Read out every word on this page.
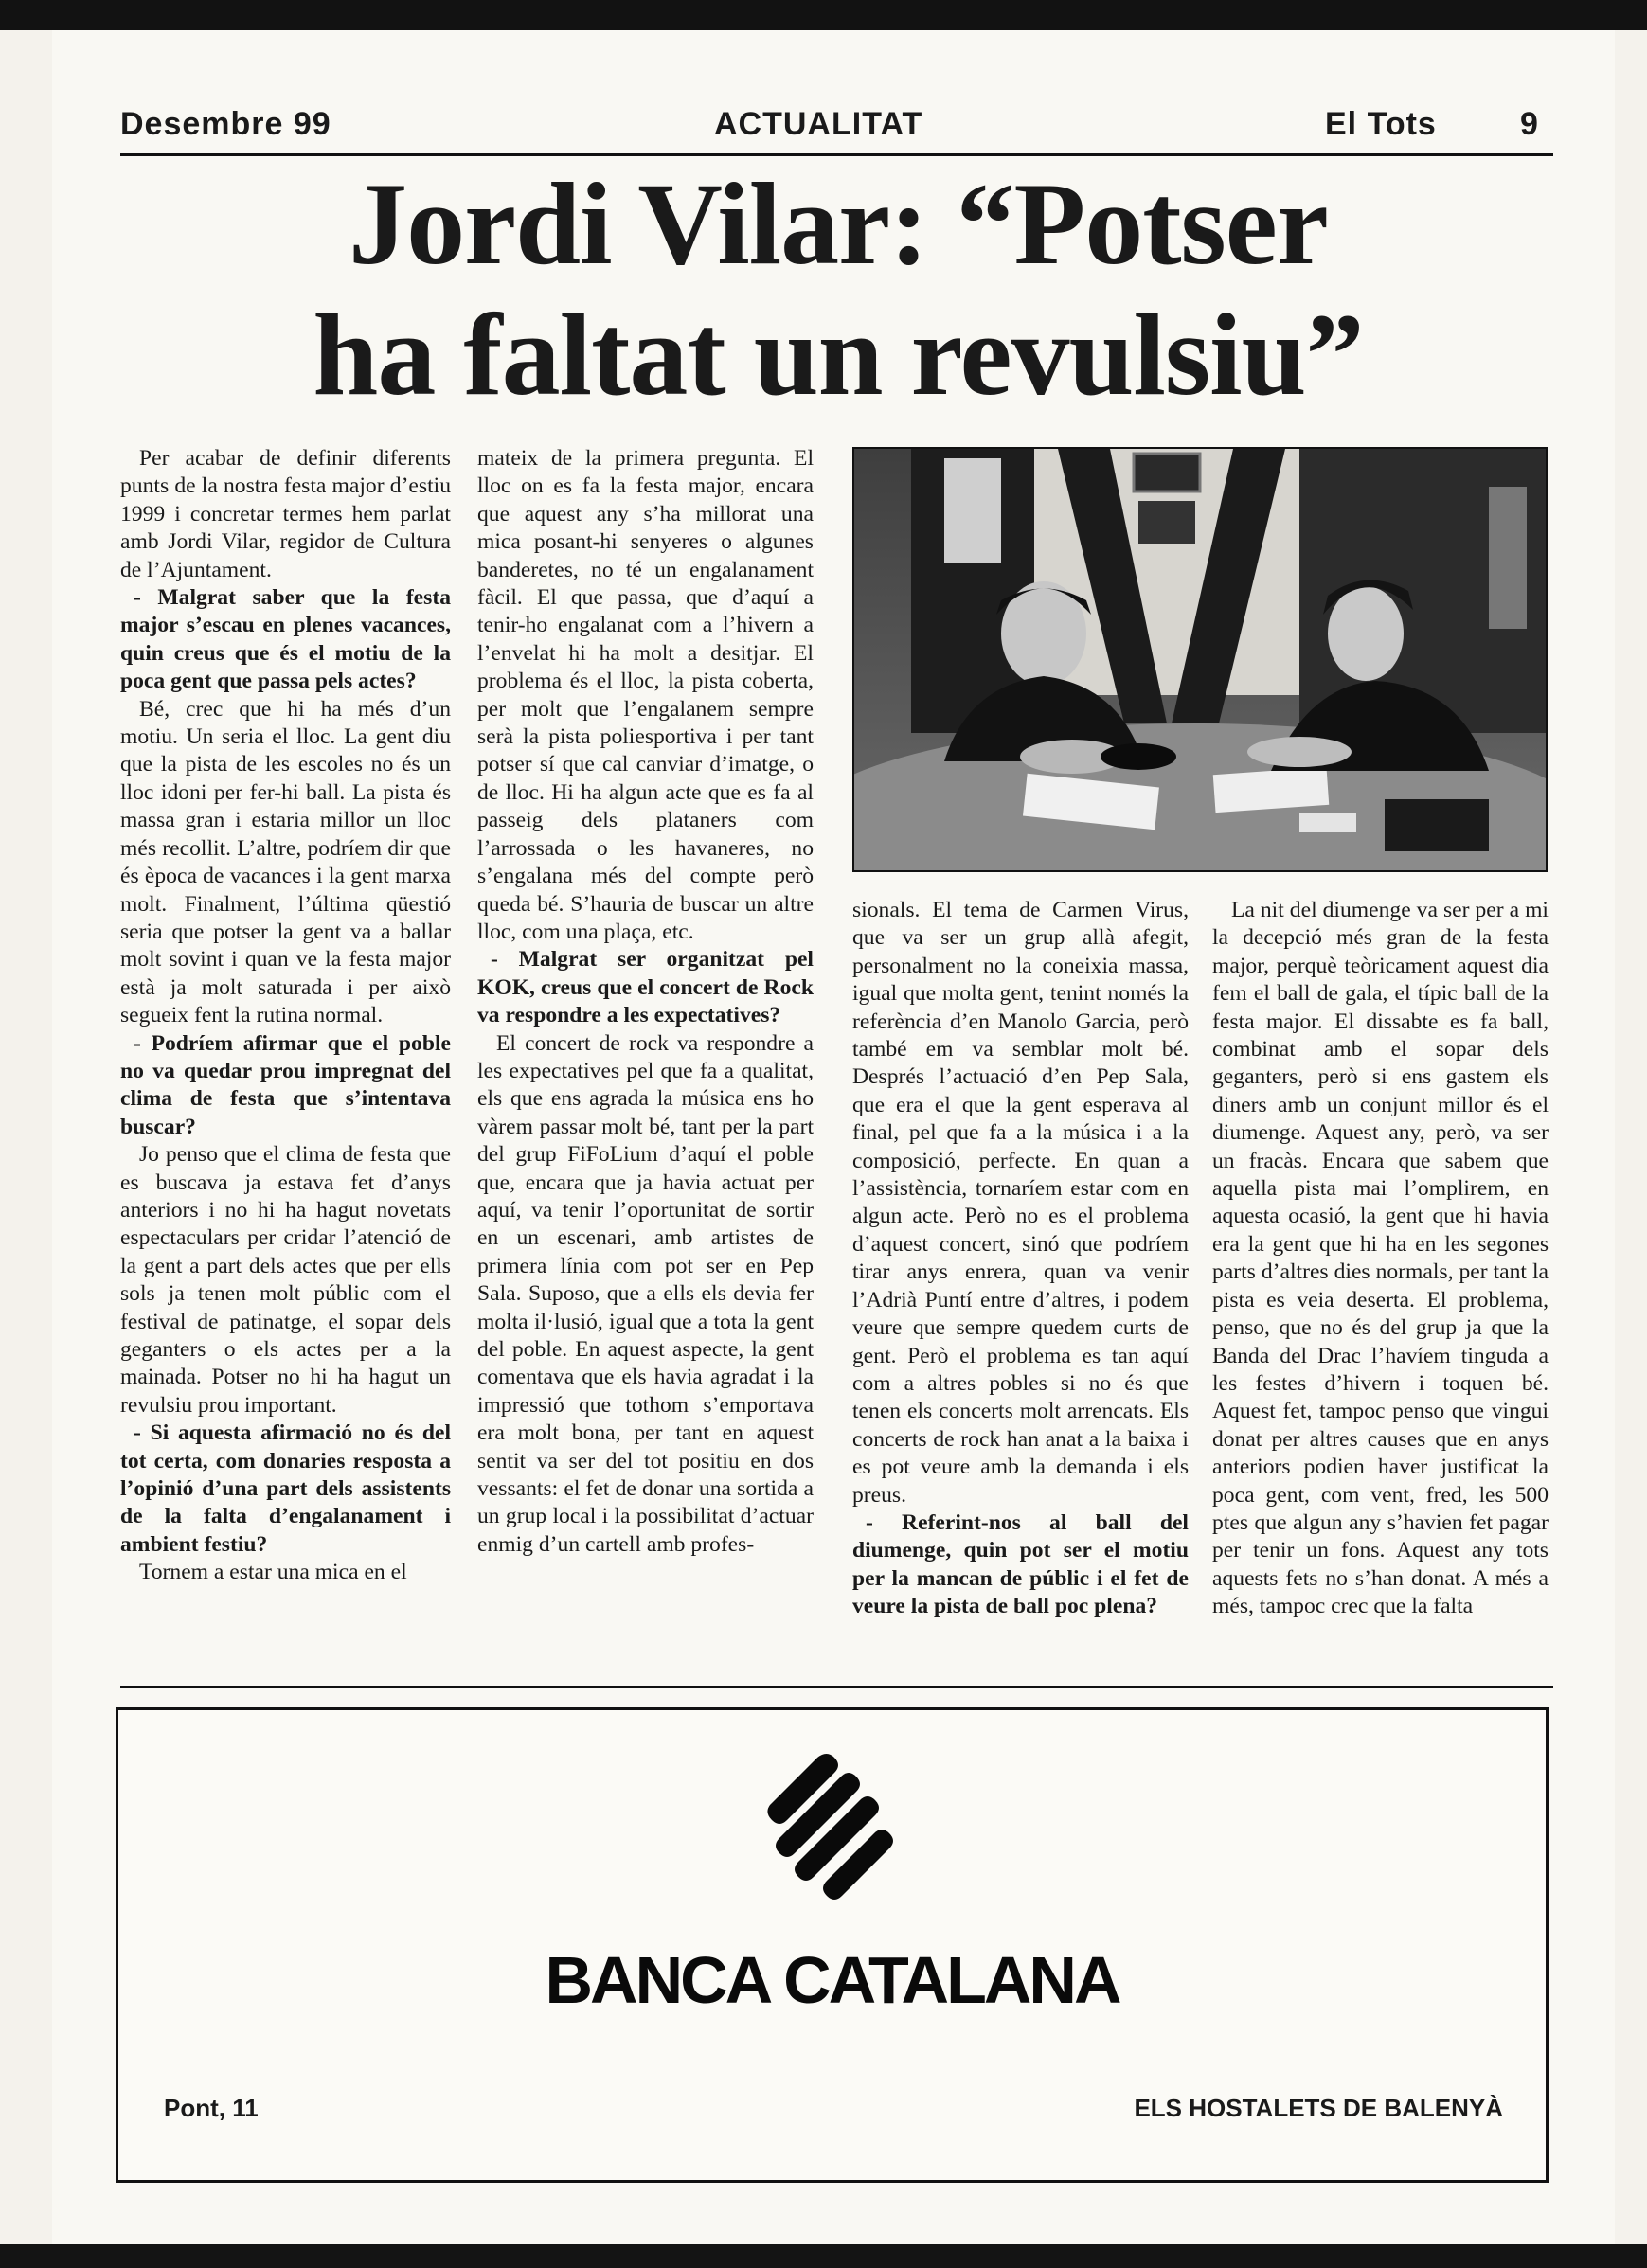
Desembre 99	ACTUALITAT	El Tots	9
Jordi Vilar: “Potser
ha faltat un revulsiu”

Per acabar de definir diferents punts de la nostra festa major d’estiu 1999 i concretar termes hem parlat amb Jordi Vilar, regidor de Cultura de l’Ajuntament.

- Malgrat saber que la festa major s’escau en plenes vacances, quin creus que és el motiu de la poca gent que passa pels actes?

Bé, crec que hi ha més d’un motiu. Un seria el lloc. La gent diu que la pista de les escoles no és un lloc idoni per fer-hi ball. La pista és massa gran i estaria millor un lloc més recollit. L’altre, podríem dir que és època de vacances i la gent marxa molt. Finalment, l’última qüestió seria que potser la gent va a ballar molt sovint i quan ve la festa major està ja molt saturada i per això segueix fent la rutina normal.

- Podríem afirmar que el poble no va quedar prou impregnat del clima de festa que s’intentava buscar?

Jo penso que el clima de festa que es buscava ja estava fet d’anys anteriors i no hi ha hagut novetats espectaculars per cridar l’atenció de la gent a part dels actes que per ells sols ja tenen molt públic com el festival de patinatge, el sopar dels geganters o els actes per a la mainada. Potser no hi ha hagut un revulsiu prou important.

- Si aquesta afirmació no és del tot certa, com donaries resposta a l’opinió d’una part dels assistents de la falta d’engalanament i ambient festiu?

Tornem a estar una mica en el

mateix de la primera pregunta. El lloc on es fa la festa major, encara que aquest any s’ha millorat una mica posant-hi senyeres o algunes banderetes, no té un engalanament fàcil. El que passa, que d’aquí a tenir-ho engalanat com a l’hivern a l’envelat hi ha molt a desitjar. El problema és el lloc, la pista coberta, per molt que l’engalanem sempre serà la pista poliesportiva i per tant potser sí que cal canviar d’imatge, o de lloc. Hi ha algun acte que es fa al passeig dels plataners com l’arrossada o les havaneres, no s’engalana més del compte però queda bé. S’hauria de buscar un altre lloc, com una plaça, etc.

- Malgrat ser organitzat pel KOK, creus que el concert de Rock va respondre a les expectatives?

El concert de rock va respondre a les expectatives pel que fa a qualitat, els que ens agrada la música ens ho vàrem passar molt bé, tant per la part del grup FiFoLium d’aquí el poble que, encara que ja havia actuat per aquí, va tenir l’oportunitat de sortir en un escenari, amb artistes de primera línia com pot ser en Pep Sala. Suposo, que a ells els devia fer molta il·lusió, igual que a tota la gent del poble. En aquest aspecte, la gent comentava que els havia agradat i la impressió que tothom s’emportava era molt bona, per tant en aquest sentit va ser del tot positiu en dos vessants: el fet de donar una sortida a un grup local i la possibilitat d’actuar enmig d’un cartell amb profes-

sionals. El tema de Carmen Virus, que va ser un grup allà afegit, personalment no la coneixia massa, igual que molta gent, tenint només la referència d’en Manolo Garcia, però també em va semblar molt bé. Després l’actuació d’en Pep Sala, que era el que la gent esperava al final, pel que fa a la música i a la composició, perfecte. En quan a l’assistència, tornaríem estar com en algun acte. Però no es el problema d’aquest concert, sinó que podríem tirar anys enrera, quan va venir l’Adrià Puntí entre d’altres, i podem veure que sempre quedem curts de gent. Però el problema es tan aquí com a altres pobles si no és que tenen els concerts molt arrencats. Els concerts de rock han anat a la baixa i es pot veure amb la demanda i els preus.

- Referint-nos al ball del diumenge, quin pot ser el motiu per la mancan de públic i el fet de veure la pista de ball poc plena?

La nit del diumenge va ser per a mi la decepció més gran de la festa major, perquè teòricament aquest dia fem el ball de gala, el típic ball de la festa major. El dissabte es fa ball, combinat amb el sopar dels geganters, però si ens gastem els diners amb un conjunt millor és el diumenge. Aquest any, però, va ser un fracàs. Encara que sabem que aquella pista mai l’omplirem, en aquesta ocasió, la gent que hi havia era la gent que hi ha en les segones parts d’altres dies normals, per tant la pista es veia deserta. El problema, penso, que no és del grup ja que la Banda del Drac l’havíem tinguda a les festes d’hivern i toquen bé. Aquest fet, tampoc penso que vingui donat per altres causes que en anys anteriors podien haver justificat la poca gent, com vent, fred, les 500 ptes que algun any s’havien fet pagar per tenir un fons. Aquest any tots aquests fets no s’han donat. A més a més, tampoc crec que la falta

BANCA CATALANA
Pont, 11	ELS HOSTALETS DE BALENYÀ
